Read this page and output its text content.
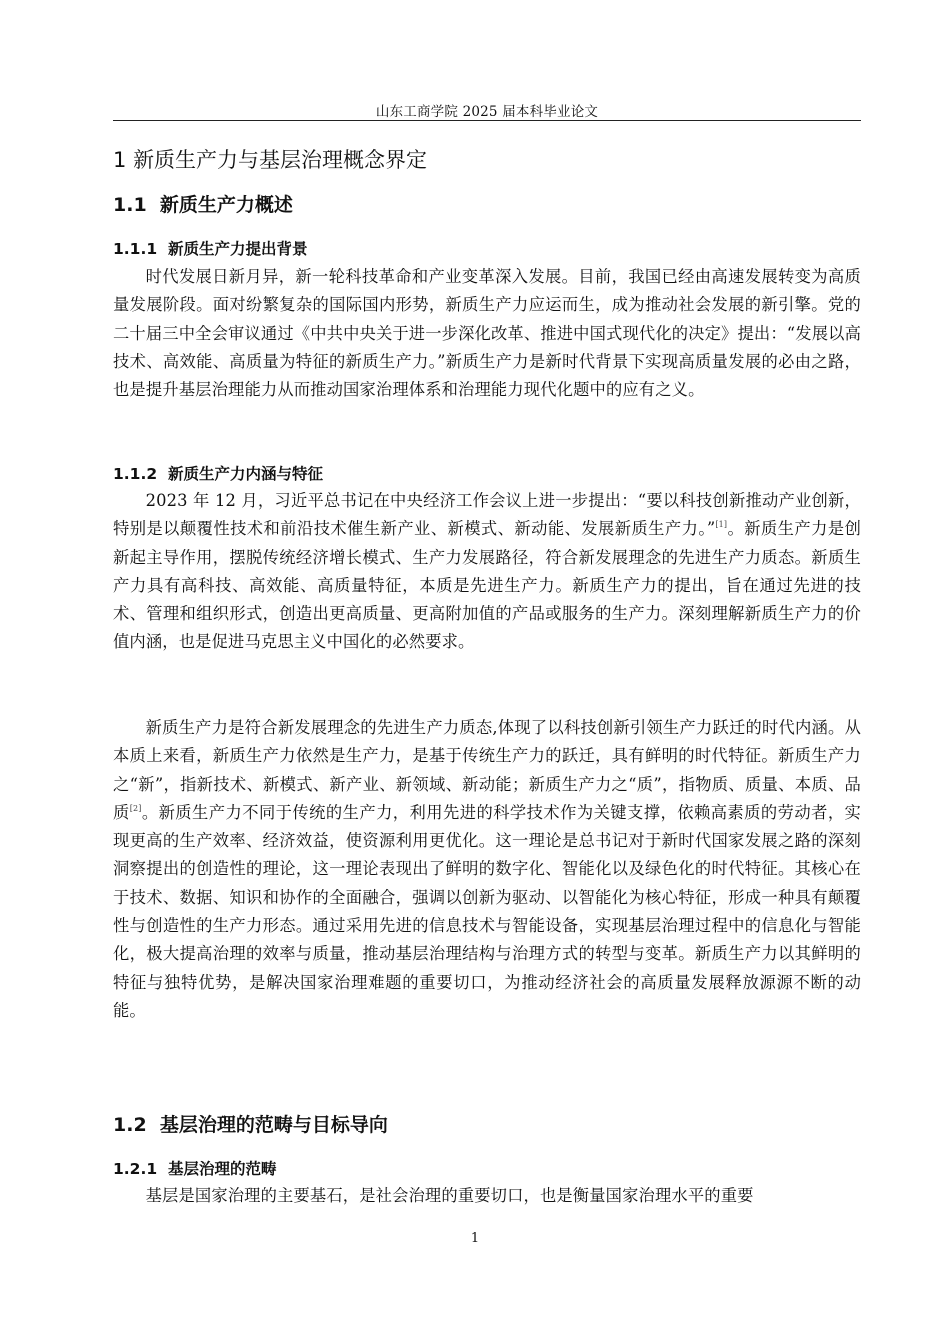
山东工商学院 2025 届本科毕业论文
1 新质生产力与基层治理概念界定
1.1 新质生产力概述
1.1.1 新质生产力提出背景

时代发展日新月异，新一轮科技革命和产业变革深入发展。目前，我国已经由高速发展转变为高质量发展阶段。面对纷繁复杂的国际国内形势，新质生产力应运而生，成为推动社会发展的新引擎。党的二十届三中全会审议通过《中共中央关于进一步深化改革、推进中国式现代化的决定》提出：“发展以高技术、高效能、高质量为特征的新质生产力。”新质生产力是新时代背景下实现高质量发展的必由之路，也是提升基层治理能力从而推动国家治理体系和治理能力现代化题中的应有之义。

1.1.2 新质生产力内涵与特征

2023 年 12 月，习近平总书记在中央经济工作会议上进一步提出：“要以科技创新推动产业创新，特别是以颠覆性技术和前沿技术催生新产业、新模式、新动能、发展新质生产力。”[1]。新质生产力是创新起主导作用，摆脱传统经济增长模式、生产力发展路径，符合新发展理念的先进生产力质态。新质生产力具有高科技、高效能、高质量特征，本质是先进生产力。新质生产力的提出，旨在通过先进的技术、管理和组织形式，创造出更高质量、更高附加值的产品或服务的生产力。深刻理解新质生产力的价值内涵，也是促进马克思主义中国化的必然要求。

新质生产力是符合新发展理念的先进生产力质态,体现了以科技创新引领生产力跃迁的时代内涵。从本质上来看，新质生产力依然是生产力，是基于传统生产力的跃迁，具有鲜明的时代特征。新质生产力之“新”，指新技术、新模式、新产业、新领域、新动能；新质生产力之“质”，指物质、质量、本质、品质[2]。新质生产力不同于传统的生产力，利用先进的科学技术作为关键支撑，依赖高素质的劳动者，实现更高的生产效率、经济效益，使资源利用更优化。这一理论是总书记对于新时代国家发展之路的深刻洞察提出的创造性的理论，这一理论表现出了鲜明的数字化、智能化以及绿色化的时代特征。其核心在于技术、数据、知识和协作的全面融合，强调以创新为驱动、以智能化为核心特征，形成一种具有颠覆性与创造性的生产力形态。通过采用先进的信息技术与智能设备，实现基层治理过程中的信息化与智能化，极大提高治理的效率与质量，推动基层治理结构与治理方式的转型与变革。新质生产力以其鲜明的特征与独特优势，是解决国家治理难题的重要切口，为推动经济社会的高质量发展释放源源不断的动能。

1.2 基层治理的范畴与目标导向
1.2.1 基层治理的范畴

基层是国家治理的主要基石，是社会治理的重要切口，也是衡量国家治理水平的重要

1
